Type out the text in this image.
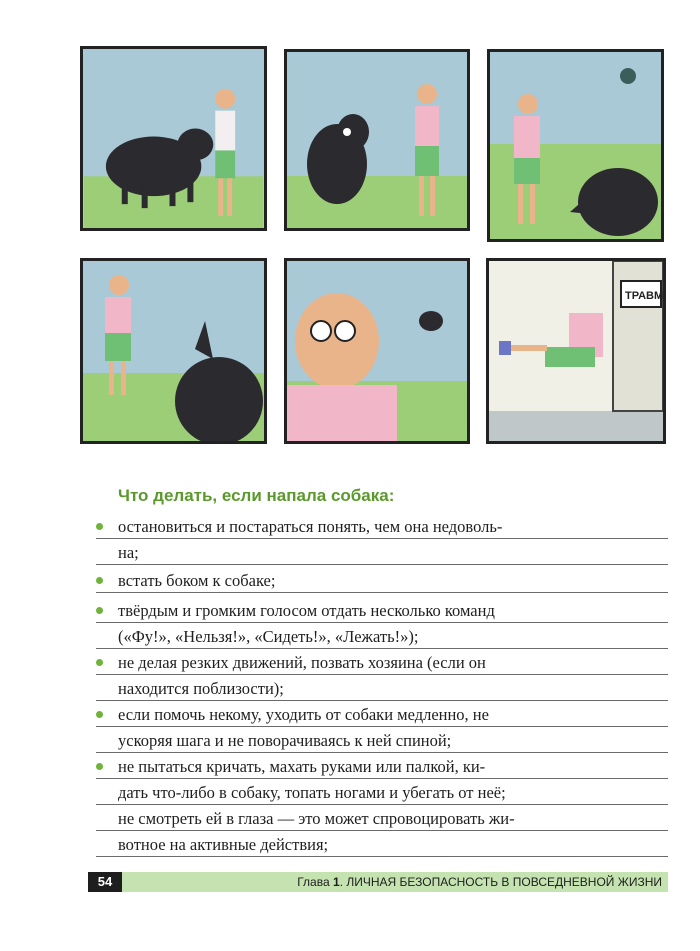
ТРАВМ
Что делать, если напала собака:
остановиться и постараться понять, чем она недоволь-
на;
встать боком к собаке;
твёрдым и громким голосом отдать несколько команд
(«Фу!», «Нельзя!», «Сидеть!», «Лежать!»);
не делая резких движений, позвать хозяина (если он
находится поблизости);
если помочь некому, уходить от собаки медленно, не
ускоряя шага и не поворачиваясь к ней спиной;
не пытаться кричать, махать руками или палкой, ки-
дать что-либо в собаку, топать ногами и убегать от неё;
не смотреть ей в глаза — это может спровоцировать жи-
вотное на активные действия;
54	Глава 1. ЛИЧНАЯ БЕЗОПАСНОСТЬ В ПОВСЕДНЕВНОЙ ЖИЗНИ
